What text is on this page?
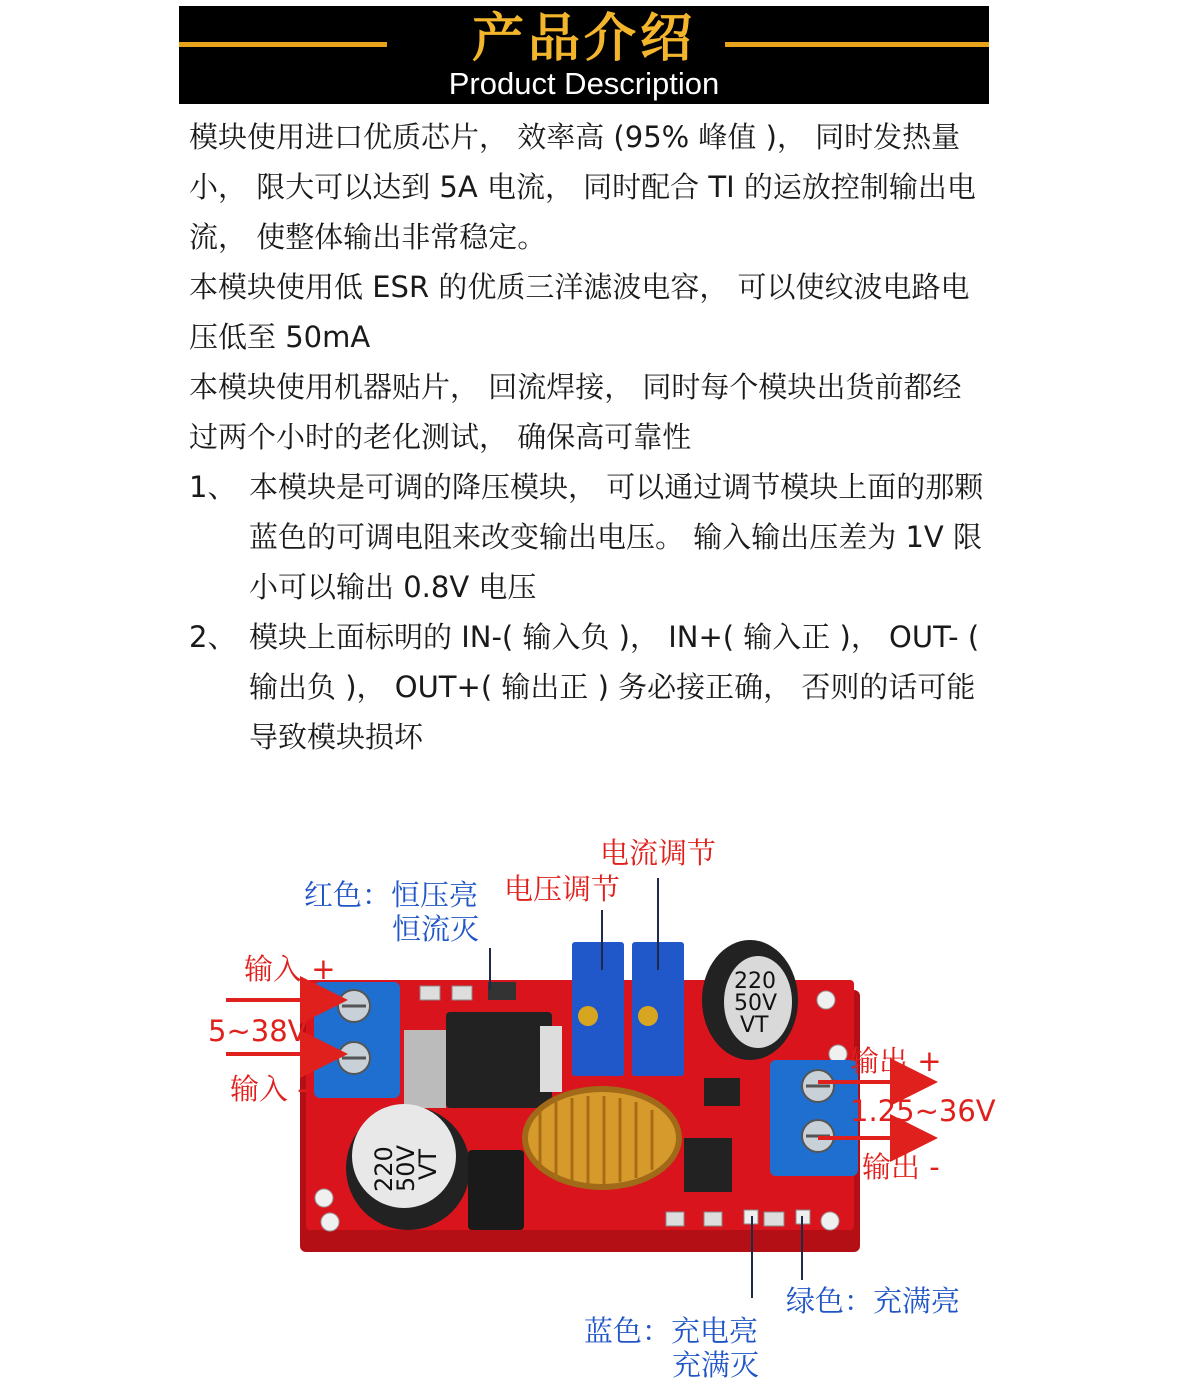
产品介绍
Product Description

模块使用进口优质芯片， 效率高 (95% 峰值 )， 同时发热量小， 限大可以达到 5A 电流， 同时配合 TI 的运放控制输出电流， 使整体输出非常稳定。

本模块使用低 ESR 的优质三洋滤波电容， 可以使纹波电路电压低至 50mA

本模块使用机器贴片， 回流焊接， 同时每个模块出货前都经过两个小时的老化测试， 确保高可靠性

1、 本模块是可调的降压模块， 可以通过调节模块上面的那颗蓝色的可调电阻来改变输出电压。 输入输出压差为 1V 限小可以输出 0.8V 电压
2、 模块上面标明的 IN-( 输入负 )， IN+( 输入正 )， OUT- ( 输出负 )， OUT+( 输出正 ) 务必接正确， 否则的话可能导致模块损坏
220
50V
VT
220
50V
VT
电流调节
电压调节
红色：恒压亮
恒流灭
输入 +
5~38V
输入 -
输出 +
1.25~36V
输出 -
绿色：充满亮
蓝色：充电亮
充满灭
